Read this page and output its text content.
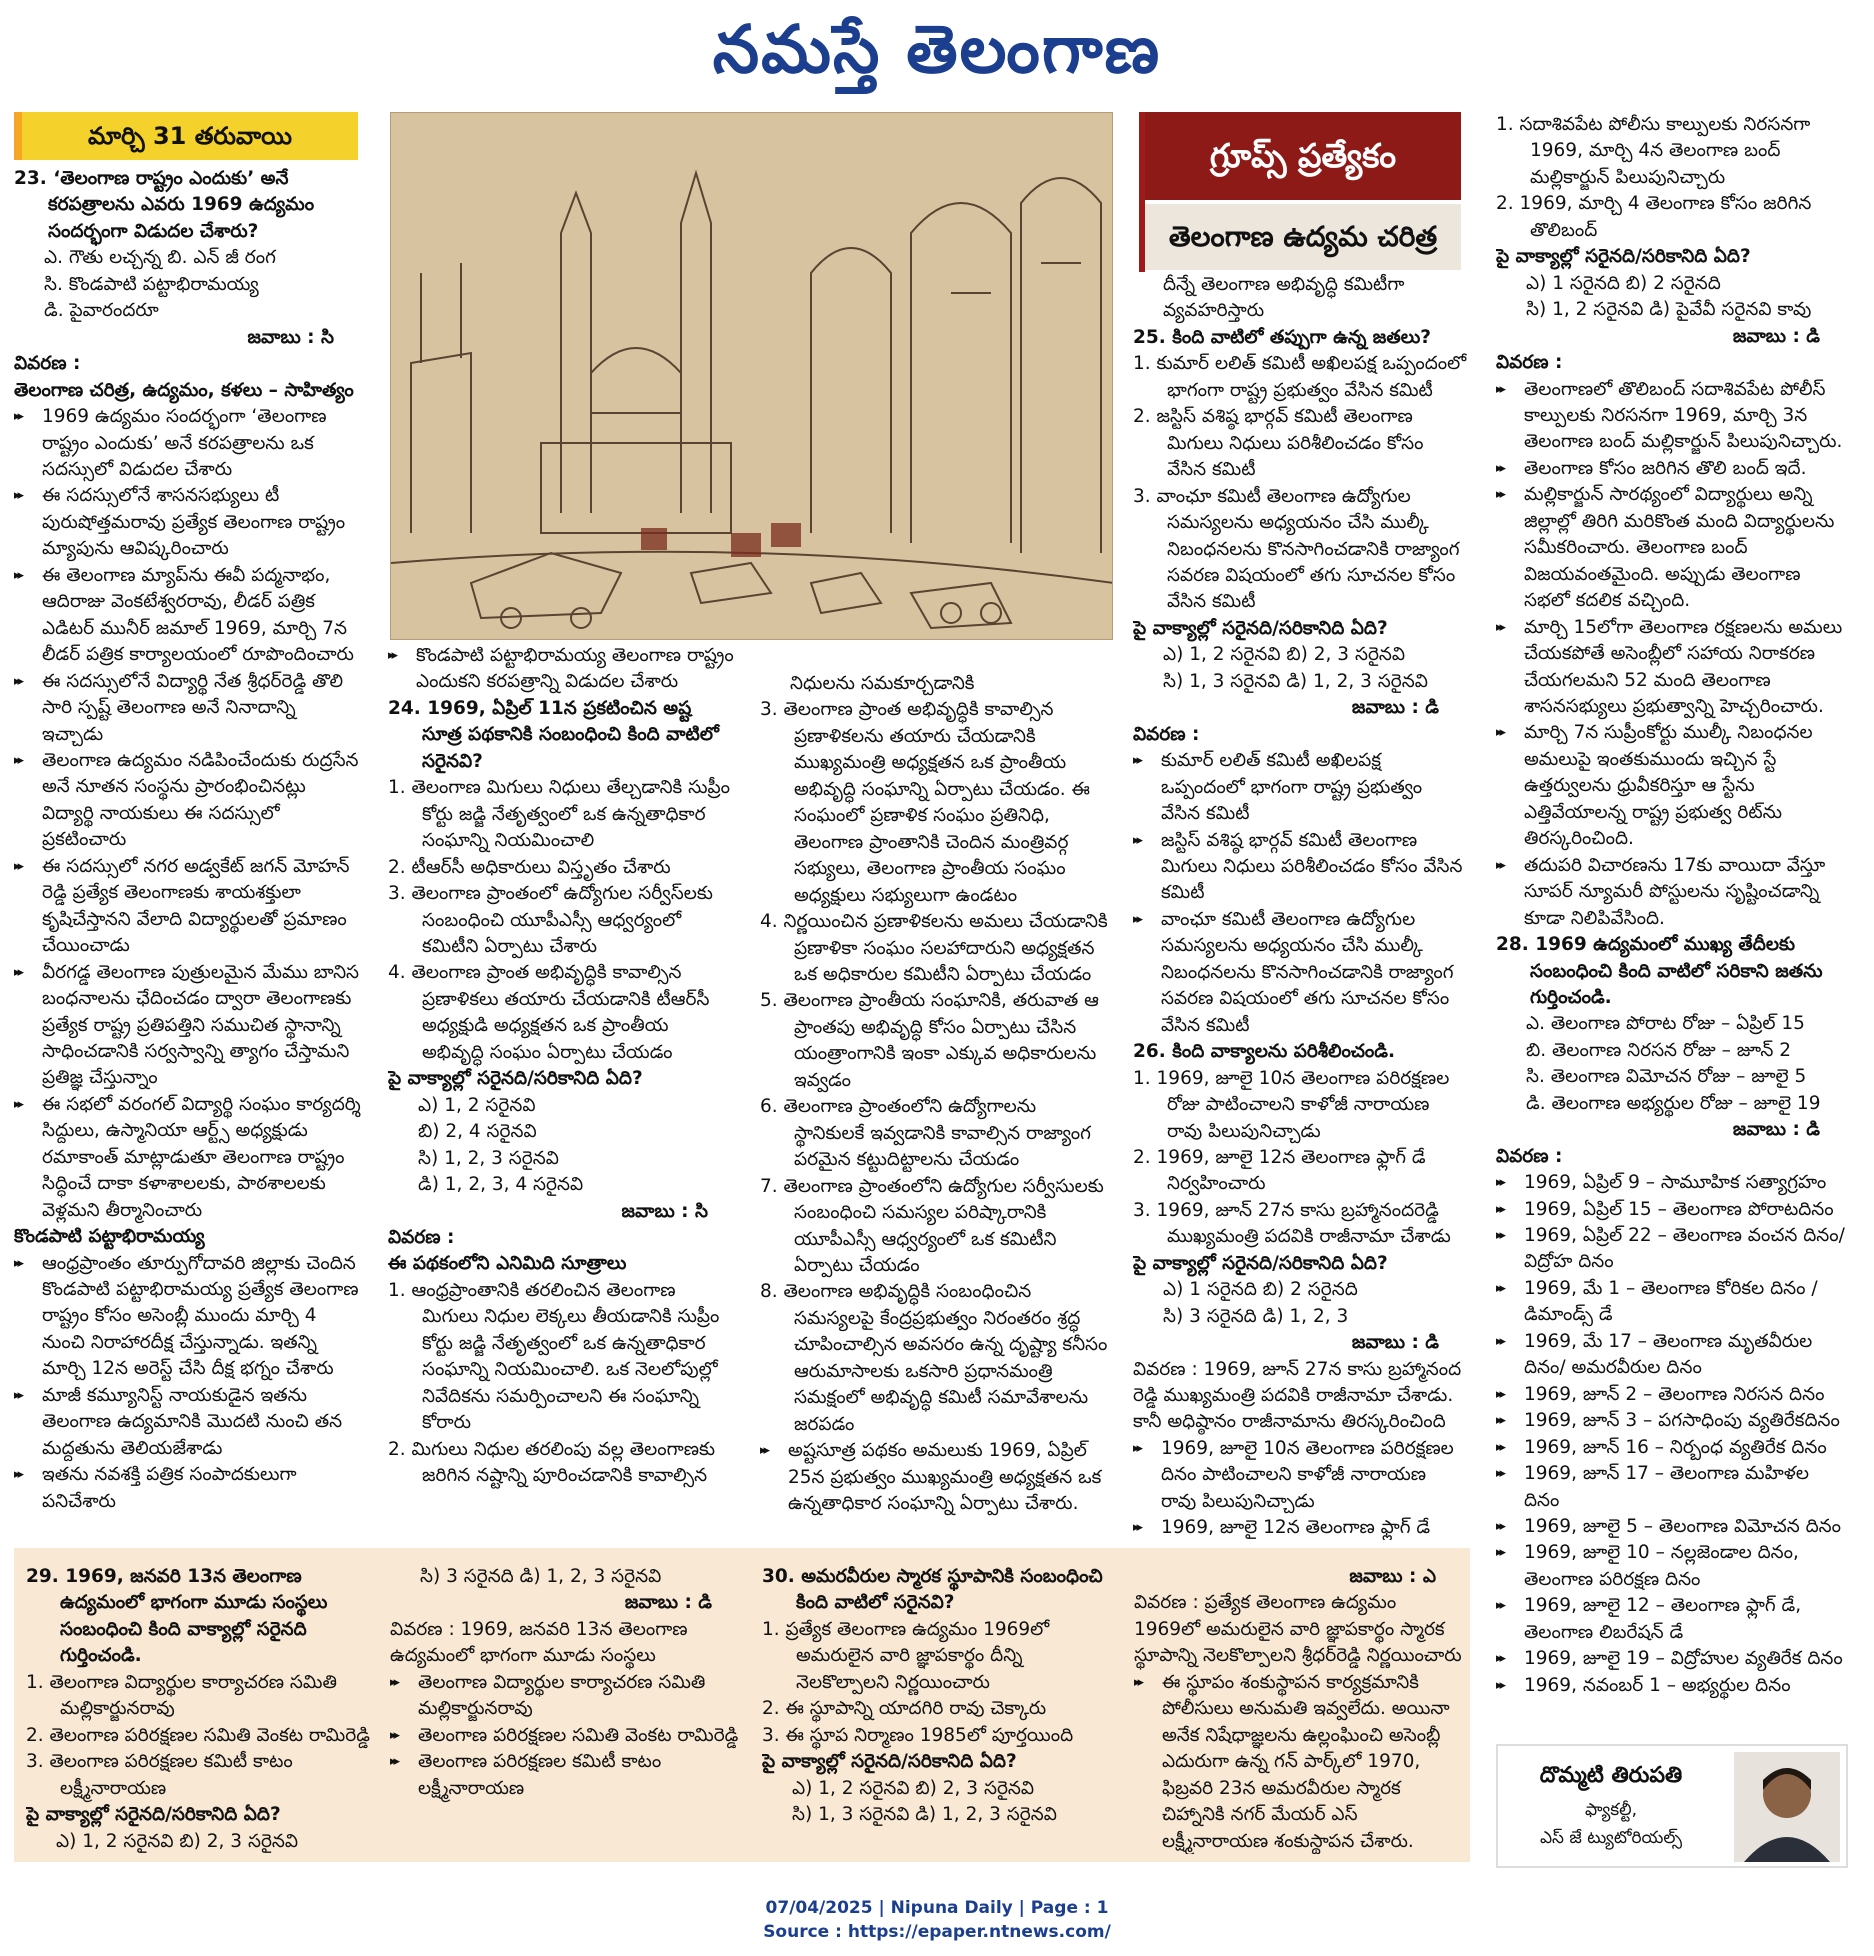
నమస్తే తెలంగాణ
మార్చి 31 తరువాయి

23. ‘తెలంగాణ రాష్ట్రం ఎందుకు’ అనే కరపత్రాలను ఎవరు 1969 ఉద్యమం సందర్భంగా విడుదల చేశారు?

ఎ. గౌతు లచ్చన్న బి. ఎన్ జీ రంగ

సి. కొండపాటి పట్టాభిరామయ్య

డి. పైవారందరూ

జవాబు : సి

వివరణ :

తెలంగాణ చరిత్ర, ఉద్యమం, కళలు – సాహిత్యం

▸▸ 1969 ఉద్యమం సందర్భంగా ‘తెలంగాణ రాష్ట్రం ఎందుకు’ అనే కరపత్రాలను ఒక సదస్సులో విడుదల చేశారు

▸▸ ఈ సదస్సులోనే శాసనసభ్యులు టీ పురుషోత్తమరావు ప్రత్యేక తెలంగాణ రాష్ట్రం మ్యాపును ఆవిష్కరించారు

▸▸ ఈ తెలంగాణ మ్యాప్‌ను ఈవీ పద్మనాభం, ఆదిరాజు వెంకటేశ్వరరావు, లీడర్ పత్రిక ఎడిటర్ మునీర్ జమాల్ 1969, మార్చి 7న లీడర్ పత్రిక కార్యాలయంలో రూపొందించారు

▸▸ ఈ సదస్సులోనే విద్యార్థి నేత శ్రీధర్‌రెడ్డి తొలి సారి స్పష్ట్ తెలంగాణ అనే నినాదాన్ని ఇచ్చాడు

▸▸ తెలంగాణ ఉద్యమం నడిపించేందుకు రుద్రసేన అనే నూతన సంస్థను ప్రారంభించినట్లు విద్యార్థి నాయకులు ఈ సదస్సులో ప్రకటించారు

▸▸ ఈ సదస్సులో నగర అడ్వకేట్ జగన్ మోహన్ రెడ్డి ప్రత్యేక తెలంగాణకు శాయశక్తులా కృషిచేస్తానని వేలాది విద్యార్థులతో ప్రమాణం చేయించాడు

▸▸ వీరగడ్డ తెలంగాణ పుత్రులమైన మేము బానిస బంధనాలను ఛేదించడం ద్వారా తెలంగాణకు ప్రత్యేక రాష్ట్ర ప్రతిపత్తిని సముచిత స్థానాన్ని సాధించడానికి సర్వస్వాన్ని త్యాగం చేస్తామని ప్రతిజ్ఞ చేస్తున్నాం

▸▸ ఈ సభలో వరంగల్ విద్యార్థి సంఘం కార్యదర్శి సిద్దులు, ఉస్మానియా ఆర్ట్స్ అధ్యక్షుడు రమాకాంత్ మాట్లాడుతూ తెలంగాణ రాష్ట్రం సిద్ధించే దాకా కళాశాలలకు, పాఠశాలలకు వెళ్లమని తీర్మానించారు

కొండపాటి పట్టాభిరామయ్య

▸▸ ఆంధ్రప్రాంతం తూర్పుగోదావరి జిల్లాకు చెందిన కొండపాటి పట్టాభిరామయ్య ప్రత్యేక తెలంగాణ రాష్ట్రం కోసం అసెంబ్లీ ముందు మార్చి 4 నుంచి నిరాహారదీక్ష చేస్తున్నాడు. ఇతన్ని మార్చి 12న అరెస్ట్ చేసి దీక్ష భగ్నం చేశారు

▸▸ మాజీ కమ్యూనిస్ట్ నాయకుడైన ఇతను తెలంగాణ ఉద్యమానికి మొదటి నుంచి తన మద్దతును తెలియజేశాడు

▸▸ ఇతను నవశక్తి పత్రిక సంపాదకులుగా పనిచేశారు

▸▸ కొండపాటి పట్టాభిరామయ్య తెలంగాణ రాష్ట్రం ఎందుకని కరపత్రాన్ని విడుదల చేశారు

24. 1969, ఏప్రిల్ 11న ప్రకటించిన అష్ట సూత్ర పథకానికి సంబంధించి కింది వాటిలో సరైనవి?

1. తెలంగాణ మిగులు నిధులు తేల్చడానికి సుప్రీం కోర్టు జడ్జి నేతృత్వంలో ఒక ఉన్నతాధికార సంఘాన్ని నియమించాలి

2. టీఆర్‌సీ అధికారులు విస్తృతం చేశారు

3. తెలంగాణ ప్రాంతంలో ఉద్యోగుల సర్వీస్‌లకు సంబంధించి యూపీఎస్సీ ఆధ్వర్యంలో కమిటీని ఏర్పాటు చేశారు

4. తెలంగాణ ప్రాంత అభివృద్ధికి కావాల్సిన ప్రణాళికలు తయారు చేయడానికి టీఆర్‌సీ అధ్యక్షుడి అధ్యక్షతన ఒక ప్రాంతీయ అభివృద్ధి సంఘం ఏర్పాటు చేయడం

పై వాక్యాల్లో సరైనది/సరికానిది ఏది?

ఎ) 1, 2 సరైనవి

బి) 2, 4 సరైనవి

సి) 1, 2, 3 సరైనవి

డి) 1, 2, 3, 4 సరైనవి

జవాబు : సి

వివరణ :

ఈ పథకంలోని ఎనిమిది సూత్రాలు

1. ఆంధ్రప్రాంతానికి తరలించిన తెలంగాణ మిగులు నిధుల లెక్కలు తీయడానికి సుప్రీం కోర్టు జడ్జి నేతృత్వంలో ఒక ఉన్నతాధికార సంఘాన్ని నియమించాలి. ఒక నెలలోపుల్లో నివేదికను సమర్పించాలని ఈ సంఘాన్ని కోరారు

2. మిగులు నిధుల తరలింపు వల్ల తెలంగాణకు జరిగిన నష్టాన్ని పూరించడానికి కావాల్సిన

నిధులను సమకూర్చడానికి

3. తెలంగాణ ప్రాంత అభివృద్ధికి కావాల్సిన ప్రణాళికలను తయారు చేయడానికి ముఖ్యమంత్రి అధ్యక్షతన ఒక ప్రాంతీయ అభివృద్ధి సంఘాన్ని ఏర్పాటు చేయడం. ఈ సంఘంలో ప్రణాళిక సంఘం ప్రతినిధి, తెలంగాణ ప్రాంతానికి చెందిన మంత్రివర్గ సభ్యులు, తెలంగాణ ప్రాంతీయ సంఘం అధ్యక్షులు సభ్యులుగా ఉండటం

4. నిర్ణయించిన ప్రణాళికలను అమలు చేయడానికి ప్రణాళికా సంఘం సలహాదారుని అధ్యక్షతన ఒక అధికారుల కమిటీని ఏర్పాటు చేయడం

5. తెలంగాణ ప్రాంతీయ సంఘానికి, తరువాత ఆ ప్రాంతపు అభివృద్ధి కోసం ఏర్పాటు చేసిన యంత్రాంగానికి ఇంకా ఎక్కువ అధికారులను ఇవ్వడం

6. తెలంగాణ ప్రాంతంలోని ఉద్యోగాలను స్థానికులకే ఇవ్వడానికి కావాల్సిన రాజ్యాంగ పరమైన కట్టుదిట్టాలను చేయడం

7. తెలంగాణ ప్రాంతంలోని ఉద్యోగుల సర్వీసులకు సంబంధించి సమస్యల పరిష్కారానికి యూపీఎస్సీ ఆధ్వర్యంలో ఒక కమిటీని ఏర్పాటు చేయడం

8. తెలంగాణ అభివృద్ధికి సంబంధించిన సమస్యలపై కేంద్రప్రభుత్వం నిరంతరం శ్రద్ధ చూపించాల్సిన అవసరం ఉన్న దృష్ట్యా కనీసం ఆరుమాసాలకు ఒకసారి ప్రధానమంత్రి సమక్షంలో అభివృద్ధి కమిటీ సమావేశాలను జరపడం

▸▸ అష్టసూత్ర పథకం అమలుకు 1969, ఏప్రిల్ 25న ప్రభుత్వం ముఖ్యమంత్రి అధ్యక్షతన ఒక ఉన్నతాధికార సంఘాన్ని ఏర్పాటు చేశారు.

గ్రూప్స్ ప్రత్యేకం
తెలంగాణ ఉద్యమ చరిత్ర

దీన్నే తెలంగాణ అభివృద్ధి కమిటీగా వ్యవహరిస్తారు

25. కింది వాటిలో తప్పుగా ఉన్న జతలు?

1. కుమార్ లలిత్ కమిటీ అఖిలపక్ష ఒప్పందంలో భాగంగా రాష్ట్ర ప్రభుత్వం వేసిన కమిటీ

2. జస్టిస్ వశిష్ఠ భార్గవ్ కమిటీ తెలంగాణ మిగులు నిధులు పరిశీలించడం కోసం వేసిన కమిటీ

3. వాంఛూ కమిటీ తెలంగాణ ఉద్యోగుల సమస్యలను అధ్యయనం చేసి ముల్కీ నిబంధనలను కొనసాగించడానికి రాజ్యాంగ సవరణ విషయంలో తగు సూచనల కోసం వేసిన కమిటీ

పై వాక్యాల్లో సరైనది/సరికానిది ఏది?

ఎ) 1, 2 సరైనవి బి) 2, 3 సరైనవి

సి) 1, 3 సరైనవి డి) 1, 2, 3 సరైనవి

జవాబు : డి

వివరణ :

▸▸ కుమార్ లలిత్ కమిటీ అఖిలపక్ష ఒప్పందంలో భాగంగా రాష్ట్ర ప్రభుత్వం వేసిన కమిటీ

▸▸ జస్టిస్ వశిష్ఠ భార్గవ్ కమిటీ తెలంగాణ మిగులు నిధులు పరిశీలించడం కోసం వేసిన కమిటీ

▸▸ వాంఛూ కమిటీ తెలంగాణ ఉద్యోగుల సమస్యలను అధ్యయనం చేసి ముల్కీ నిబంధనలను కొనసాగించడానికి రాజ్యాంగ సవరణ విషయంలో తగు సూచనల కోసం వేసిన కమిటీ

26. కింది వాక్యాలను పరిశీలించండి.

1. 1969, జూలై 10న తెలంగాణ పరిరక్షణల రోజు పాటించాలని కాళోజీ నారాయణ రావు పిలుపునిచ్చాడు

2. 1969, జూలై 12న తెలంగాణ ఫ్లాగ్ డే నిర్వహించారు

3. 1969, జూన్ 27న కాసు బ్రహ్మానందరెడ్డి ముఖ్యమంత్రి పదవికి రాజీనామా చేశాడు

పై వాక్యాల్లో సరైనది/సరికానిది ఏది?

ఎ) 1 సరైనది బి) 2 సరైనది

సి) 3 సరైనది డి) 1, 2, 3

జవాబు : డి

వివరణ : 1969, జూన్ 27న కాసు బ్రహ్మానంద రెడ్డి ముఖ్యమంత్రి పదవికి రాజీనామా చేశాడు. కానీ అధిష్ఠానం రాజీనామాను తిరస్కరించింది

▸▸ 1969, జూలై 10న తెలంగాణ పరిరక్షణల దినం పాటించాలని కాళోజీ నారాయణ రావు పిలుపునిచ్చాడు

▸▸ 1969, జూలై 12న తెలంగాణ ఫ్లాగ్ డే

1. సదాశివపేట పోలీసు కాల్పులకు నిరసనగా 1969, మార్చి 4న తెలంగాణ బంద్ మల్లికార్జున్ పిలుపునిచ్చారు

2. 1969, మార్చి 4 తెలంగాణ కోసం జరిగిన తొలిబంద్

పై వాక్యాల్లో సరైనది/సరికానిది ఏది?

ఎ) 1 సరైనది బి) 2 సరైనది

సి) 1, 2 సరైనవి డి) పైవేవీ సరైనవి కావు

జవాబు : డి

వివరణ :

▸▸ తెలంగాణలో తొలిబంద్ సదాశివపేట పోలీస్ కాల్పులకు నిరసనగా 1969, మార్చి 3న తెలంగాణ బంద్ మల్లికార్జున్ పిలుపునిచ్చారు.

▸▸ తెలంగాణ కోసం జరిగిన తొలి బంద్ ఇదే.

▸▸ మల్లికార్జున్ సారథ్యంలో విద్యార్థులు అన్ని జిల్లాల్లో తిరిగి మరికొంత మంది విద్యార్థులను సమీకరించారు. తెలంగాణ బంద్ విజయవంతమైంది. అప్పుడు తెలంగాణ సభలో కదలిక వచ్చింది.

▸▸ మార్చి 15లోగా తెలంగాణ రక్షణలను అమలు చేయకపోతే అసెంబ్లీలో సహాయ నిరాకరణ చేయగలమని 52 మంది తెలంగాణ శాసనసభ్యులు ప్రభుత్వాన్ని హెచ్చరించారు.

▸▸ మార్చి 7న సుప్రీంకోర్టు ముల్కీ నిబంధనల అమలుపై ఇంతకుముందు ఇచ్చిన స్టే ఉత్తర్వులను ధ్రువీకరిస్తూ ఆ స్టేను ఎత్తివేయాలన్న రాష్ట్ర ప్రభుత్వ రిట్‌ను తిరస్కరించింది.

▸▸ తదుపరి విచారణను 17కు వాయిదా వేస్తూ సూపర్ న్యూమరీ పోస్టులను సృష్టించడాన్ని కూడా నిలిపివేసింది.

28. 1969 ఉద్యమంలో ముఖ్య తేదీలకు సంబంధించి కింది వాటిలో సరికాని జతను గుర్తించండి.

ఎ. తెలంగాణ పోరాట రోజు – ఏప్రిల్ 15

బి. తెలంగాణ నిరసన రోజు – జూన్ 2

సి. తెలంగాణ విమోచన రోజు – జూలై 5

డి. తెలంగాణ అభ్యర్థుల రోజు – జూలై 19

జవాబు : డి

వివరణ :

▸▸ 1969, ఏప్రిల్ 9 – సామూహిక సత్యాగ్రహం

▸▸ 1969, ఏప్రిల్ 15 – తెలంగాణ పోరాటదినం

▸▸ 1969, ఏప్రిల్ 22 – తెలంగాణ వంచన దినం/ విద్రోహ దినం

▸▸ 1969, మే 1 – తెలంగాణ కోరికల దినం / డిమాండ్స్ డే

▸▸ 1969, మే 17 – తెలంగాణ మృతవీరుల దినం/ అమరవీరుల దినం

▸▸ 1969, జూన్ 2 – తెలంగాణ నిరసన దినం

▸▸ 1969, జూన్ 3 – పగసాధింపు వ్యతిరేకదినం

▸▸ 1969, జూన్ 16 – నిర్బంధ వ్యతిరేక దినం

▸▸ 1969, జూన్ 17 – తెలంగాణ మహిళల దినం

▸▸ 1969, జూలై 5 – తెలంగాణ విమోచన దినం

▸▸ 1969, జూలై 10 – నల్లజెండాల దినం, తెలంగాణ పరిరక్షణ దినం

▸▸ 1969, జూలై 12 – తెలంగాణ ఫ్లాగ్ డే, తెలంగాణ లిబరేషన్ డే

▸▸ 1969, జూలై 19 – విద్రోహుల వ్యతిరేక దినం

▸▸ 1969, నవంబర్ 1 – అభ్యర్థుల దినం

29. 1969, జనవరి 13న తెలంగాణ ఉద్యమంలో భాగంగా మూడు సంస్థలు సంబంధించి కింది వాక్యాల్లో సరైనది గుర్తించండి.

1. తెలంగాణ విద్యార్థుల కార్యాచరణ సమితి మల్లికార్జునరావు

2. తెలంగాణ పరిరక్షణల సమితి వెంకట రామిరెడ్డి

3. తెలంగాణ పరిరక్షణల కమిటీ కాటం లక్ష్మీనారాయణ

పై వాక్యాల్లో సరైనది/సరికానిది ఏది?

ఎ) 1, 2 సరైనవి బి) 2, 3 సరైనవి

సి) 3 సరైనది డి) 1, 2, 3 సరైనవి

జవాబు : డి

వివరణ : 1969, జనవరి 13న తెలంగాణ ఉద్యమంలో భాగంగా మూడు సంస్థలు

▸▸ తెలంగాణ విద్యార్థుల కార్యాచరణ సమితి మల్లికార్జునరావు

▸▸ తెలంగాణ పరిరక్షణల సమితి వెంకట రామిరెడ్డి

▸▸ తెలంగాణ పరిరక్షణల కమిటీ కాటం లక్ష్మీనారాయణ

30. అమరవీరుల స్మారక స్థూపానికి సంబంధించి కింది వాటిలో సరైనవి?

1. ప్రత్యేక తెలంగాణ ఉద్యమం 1969లో అమరులైన వారి జ్ఞాపకార్థం దీన్ని నెలకొల్పాలని నిర్ణయించారు

2. ఈ స్థూపాన్ని యాదగిరి రావు చెక్కారు

3. ఈ స్థూప నిర్మాణం 1985లో పూర్తయింది

పై వాక్యాల్లో సరైనది/సరికానిది ఏది?

ఎ) 1, 2 సరైనవి బి) 2, 3 సరైనవి

సి) 1, 3 సరైనవి డి) 1, 2, 3 సరైనవి

జవాబు : ఎ

వివరణ : ప్రత్యేక తెలంగాణ ఉద్యమం 1969లో అమరులైన వారి జ్ఞాపకార్థం స్మారక స్థూపాన్ని నెలకొల్పాలని శ్రీధర్‌రెడ్డి నిర్ణయించారు

▸▸ ఈ స్థూపం శంకుస్థాపన కార్యక్రమానికి పోలీసులు అనుమతి ఇవ్వలేదు. అయినా అనేక నిషేధాజ్ఞలను ఉల్లంఘించి అసెంబ్లీ ఎదురుగా ఉన్న గన్ పార్క్‌లో 1970, ఫిబ్రవరి 23న అమరవీరుల స్మారక చిహ్నానికి నగర్ మేయర్ ఎస్ లక్ష్మీనారాయణ శంకుస్థాపన చేశారు.

దొమ్మటి తిరుపతి
ఫ్యాకల్టీ,
ఎస్ జే ట్యుటోరియల్స్
07/04/2025 | Nipuna Daily | Page : 1
Source : https://epaper.ntnews.com/
